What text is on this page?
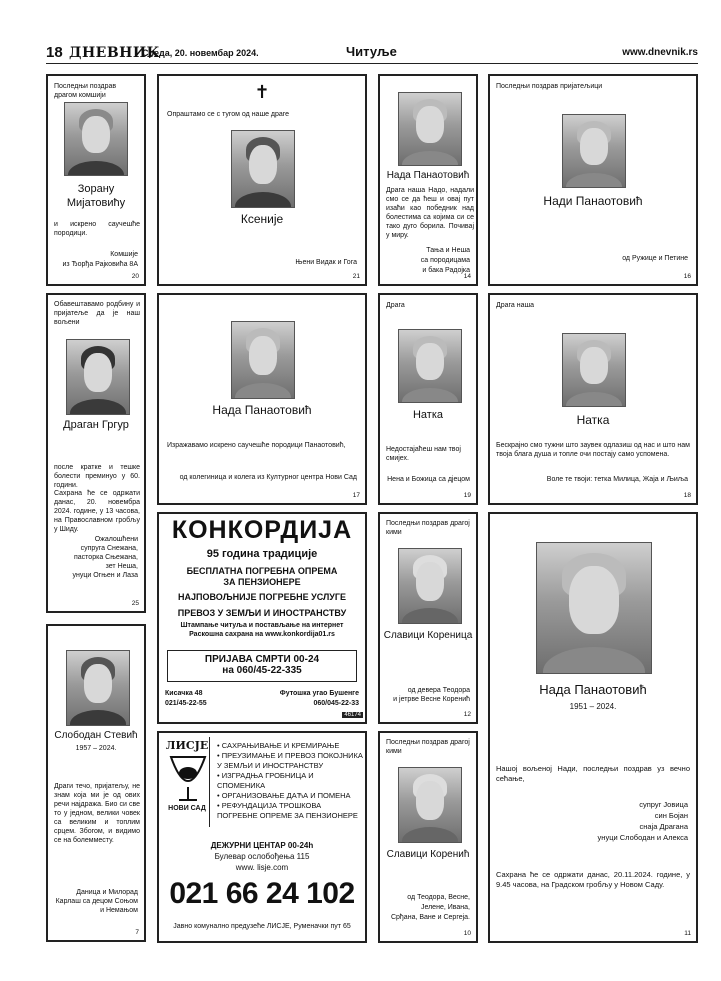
18 ДНЕВНИК
Среда, 20. новембар 2024.	Читуље	www.dnevnik.rs
Последњи поздрав драгом комшији
Зорану Мијатовићу
и искрено саучешће породици.
Комшије
из Ђорђа Рајковића 8А
20
Обавештавамо родбину и пријатеље да је наш вољени
Драган Гргур
после кратке и тешке болести преминуо у 60. години.
Сахрана ће се одржати данас, 20. новембра 2024. године, у 13 часова, на Православном гробљу у Шиду.
Ожалошћени
супруга Снежана,
пасторка Сњежана,
зет Неша,
унуци Огњен и Лаза
25
Слободан Стевић
1957 – 2024.
Драги течо, пријатељу, не знам која ми је од ових речи најдража. Био си све то у једном, велики човек са великим и топлим срцем. Збогом, и видимо се на болемместу.
Даница и Милорад Карлаш са децом Соњом и Немањом
7
✝
Опраштамо се с тугом од наше драге
Ксеније
Њени Видак и Гога
21
Нада Панаотовић
Изражавамо искрено саучешће породици Панаотовић,
од колегиница и колега из Културног центра Нови Сад
17
КОНКОРДИЈА
95 година традиције
БЕСПЛАТНА ПОГРЕБНА ОПРЕМА
ЗА ПЕНЗИОНЕРЕ
НАЈПОВОЉНИЈЕ ПОГРЕБНЕ УСЛУГЕ
ПРЕВОЗ У ЗЕМЉИ И ИНОСТРАНСТВУ
Штампање читуља и постављање на интернет
Раскошна сахрана на www.konkordija01.rs
ПРИЈАВА СМРТИ 00-24
на 060/45-22-335
Кисачка 48
021/45-22-55
Футошка угао Бушенге
060/045-22-33
46174
ЛИСЈЕ
НОВИ САД
• САХРАЊИВАЊЕ И КРЕМИРАЊЕ
• ПРЕУЗИМАЊЕ И ПРЕВОЗ ПОКОЈНИКА У ЗЕМЉИ И ИНОСТРАНСТВУ
• ИЗГРАДЊА ГРОБНИЦА И СПОМЕНИКА
• ОРГАНИЗОВАЊЕ ДАЋА И ПОМЕНА
• РЕФУНДАЦИЈА ТРОШКОВА ПОГРЕБНЕ ОПРЕМЕ ЗА ПЕНЗИОНЕРЕ
ДЕЖУРНИ ЦЕНТАР 00-24h
Булевар ослобођења 115
www. lisje.com
021 66 24 102
Јавно комунално предузеће ЛИСЈЕ, Руменачки пут 65
Нада Панаотовић
Драга наша Надо, надали смо се да ћеш и овај пут изаћи као победник над болестима са којима си се тако дуго борила. Почивај у миру.
Тања и Неша
са породицама
и бака Радојка
14
Драга
Натка
Недостајаћеш нам твој смијех.
Нена и Божица са дјецом
19
Последњи поздрав драгој кими
Славици Кореницa
од девера Теодора
и јетрве Весне Коренић
12
Последњи поздрав драгој кими
Славици Коренић
од Теодора, Весне,
Јелене, Ивана,
Срђана, Ване и Сергеја.
10
Последњи поздрав пријатељици
Нади Панаотовић
од Ружице и Петине
16
Драга наша
Натка
Бескрајно смо тужни што заувек одлазиш од нас и што нам твоја блага душа и топле очи постају само успомена.
Воле те твоји: тетка Милица, Жаја и Љиља
18
Нада Панаотовић
1951 – 2024.
Нашој вољеној Нади, последњи поздрав уз вечно сећање,
супруг Јовица
син Бојан
снаја Драгана
унуци Слободан и Алекса
Сахрана ће се одржати данас, 20.11.2024. године, у 9.45 часова, на Градском гробљу у Новом Саду.
11
